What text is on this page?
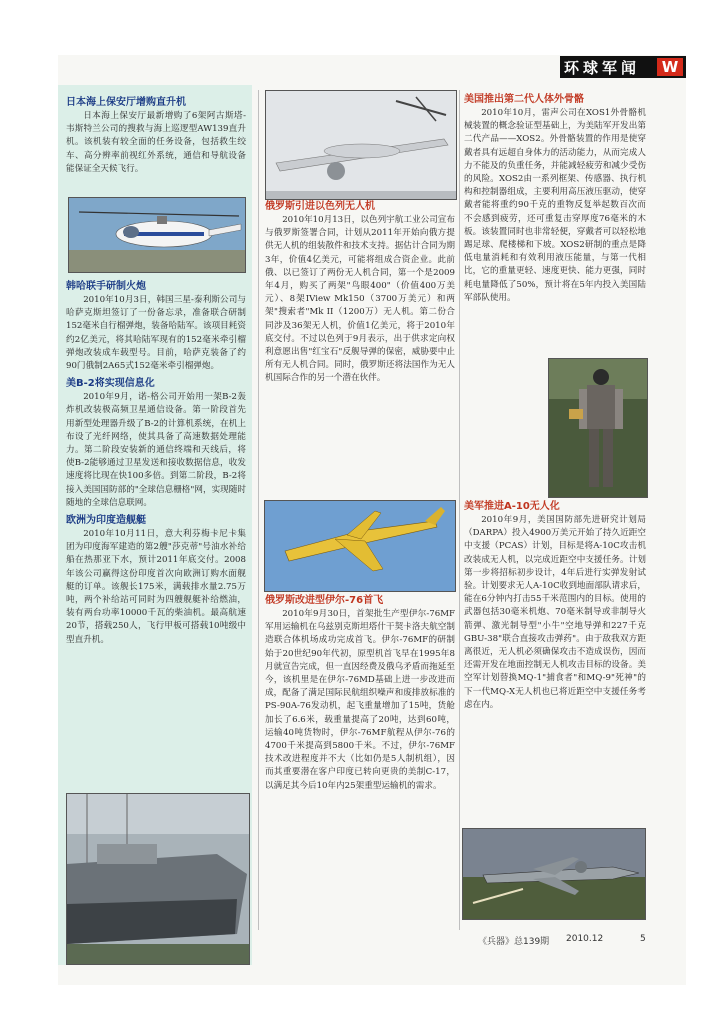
环球军闻	W

日本海上保安厅增购直升机

日本海上保安厅最新增购了6架阿古斯塔-韦斯特兰公司的搜救与海上巡逻型AW139直升机。该机装有较全面的任务设备，包括救生绞车、高分辨率前视红外系统，通信和导航设备能保证全天候飞行。

韩哈联手研制火炮

2010年10月3日，韩国三星-泰利斯公司与哈萨克斯坦签订了一份备忘录，准备联合研制152毫米自行榴弹炮，装备哈陆军。该项目耗资约2亿美元，将其哈陆军现有的152毫米牵引榴弹炮改装成车载型号。目前，哈萨克装备了约90门俄制2A65式152毫米牵引榴弹炮。

美B-2将实现信息化

2010年9月，诺-格公司开始用一架B-2轰炸机改装极高频卫星通信设备。第一阶段首先用新型处理器升级了B-2的计算机系统，在机上布设了光纤网络，使其具备了高速数据处理能力。第二阶段安装新的通信终端和天线后，将使B-2能够通过卫星发送和接收数据信息，收发速度将比现在快100多倍。到第二阶段，B-2将接入美国国防部的"全球信息栅格"网，实现随时随地的全球信息联网。

欧洲为印度造舰艇

2010年10月11日，意大利芬梅卡尼卡集团为印度海军建造的第2艘"莎克蒂"号油水补给船在热那亚下水，预计2011年底交付。2008年该公司赢得这份印度首次向欧洲订购水面舰艇的订单。该舰长175米，满载排水量2.75万吨，两个补给站可同时为四艘舰艇补给燃油，装有两台功率10000千瓦的柴油机。最高航速20节，搭载250人，飞行甲板可搭载10吨级中型直升机。

俄罗斯引进以色列无人机

2010年10月13日，以色列宇航工业公司宣布与俄罗斯签署合同，计划从2011年开始向俄方提供无人机的组装散件和技术支持。据估计合同为期3年，价值4亿美元，可能将组成合资企业。此前俄、以已签订了两份无人机合同，第一个是2009年4月，购买了两架"鸟眼400"（价值400万美元）、8架IView Mk150（3700万美元）和两架"搜索者"Mk II（1200万）无人机。第二份合同涉及36架无人机，价值1亿美元，将于2010年底交付。不过以色列于9月表示，出于供求定向权利意愿出售"红宝石"反舰导弹的保密，威胁要中止所有无人机合同。同时，俄罗斯还将法国作为无人机国际合作的另一个潜在伙伴。

俄罗斯改进型伊尔-76首飞

2010年9月30日，首架批生产型伊尔-76MF军用运输机在乌兹别克斯坦塔什干契卡洛夫航空制造联合体机场成功完成首飞。伊尔-76MF的研制始于20世纪90年代初，原型机首飞早在1995年8月就宣告完成，但一直因经费及俄乌矛盾而拖延至今，该机里是在伊尔-76MD基础上进一步改进而成，配备了满足国际民航组织噪声和废排放标准的PS-90A-76发动机，起飞重量增加了15吨，货舱加长了6.6米，载重量提高了20吨，达到60吨，运输40吨货物时，伊尔-76MF航程从伊尔-76的4700千米提高到5800千米。不过，伊尔-76MF技术改进程度并不大（比如仍是5人制机组），因而其重要潜在客户印度已转向更贵的美制C-17，以满足其今后10年内25架重型运输机的需求。

美国推出第二代人体外骨骼

2010年10月，雷声公司在XOS1外骨骼机械装置的概念验证型基础上，为美陆军开发出第二代产品——XOS2。外骨骼装置的作用是使穿戴者具有远超自身体力的活动能力，从而完成人力不能及的负重任务，并能减轻疲劳和减少受伤的风险。XOS2由一系列框架、传感器、执行机构和控制器组成，主要利用高压液压驱动，使穿戴者能将重约90千克的重物反复举起数百次而不会感到疲劳，还可重复击穿厚度76毫米的木板。该装置同时也非常轻便，穿戴者可以轻松地踢足球、爬楼梯和下坡。XOS2研制的重点是降低电量消耗和有效利用液压能量，与第一代相比，它的重量更轻、速度更快、能力更强，同时耗电量降低了50%，预计将在5年内投入美国陆军部队使用。

美军推进A-10无人化

2010年9月，美国国防部先进研究计划局（DARPA）投入4900万美元开始了持久近距空中支援（PCAS）计划，目标是将A-10C攻击机改装成无人机，以完成近距空中支援任务。计划第一步将招标初步设计，4年后进行实弹发射试验。计划要求无人A-10C收到地面部队请求后，能在6分钟内打击55千米范围内的目标。使用的武器包括30毫米机炮、70毫米制导或非制导火箭弹、激光制导型"小牛"空地导弹和227千克GBU-38"联合直接攻击弹药"。由于敌我双方距离很近，无人机必须确保攻击不造成误伤，因而还需开发在地面控制无人机攻击目标的设备。美空军计划替换MQ-1"捕食者"和MQ-9"死神"的下一代MQ-X无人机也已将近距空中支援任务考虑在内。

《兵器》总139期 2010.12	5
